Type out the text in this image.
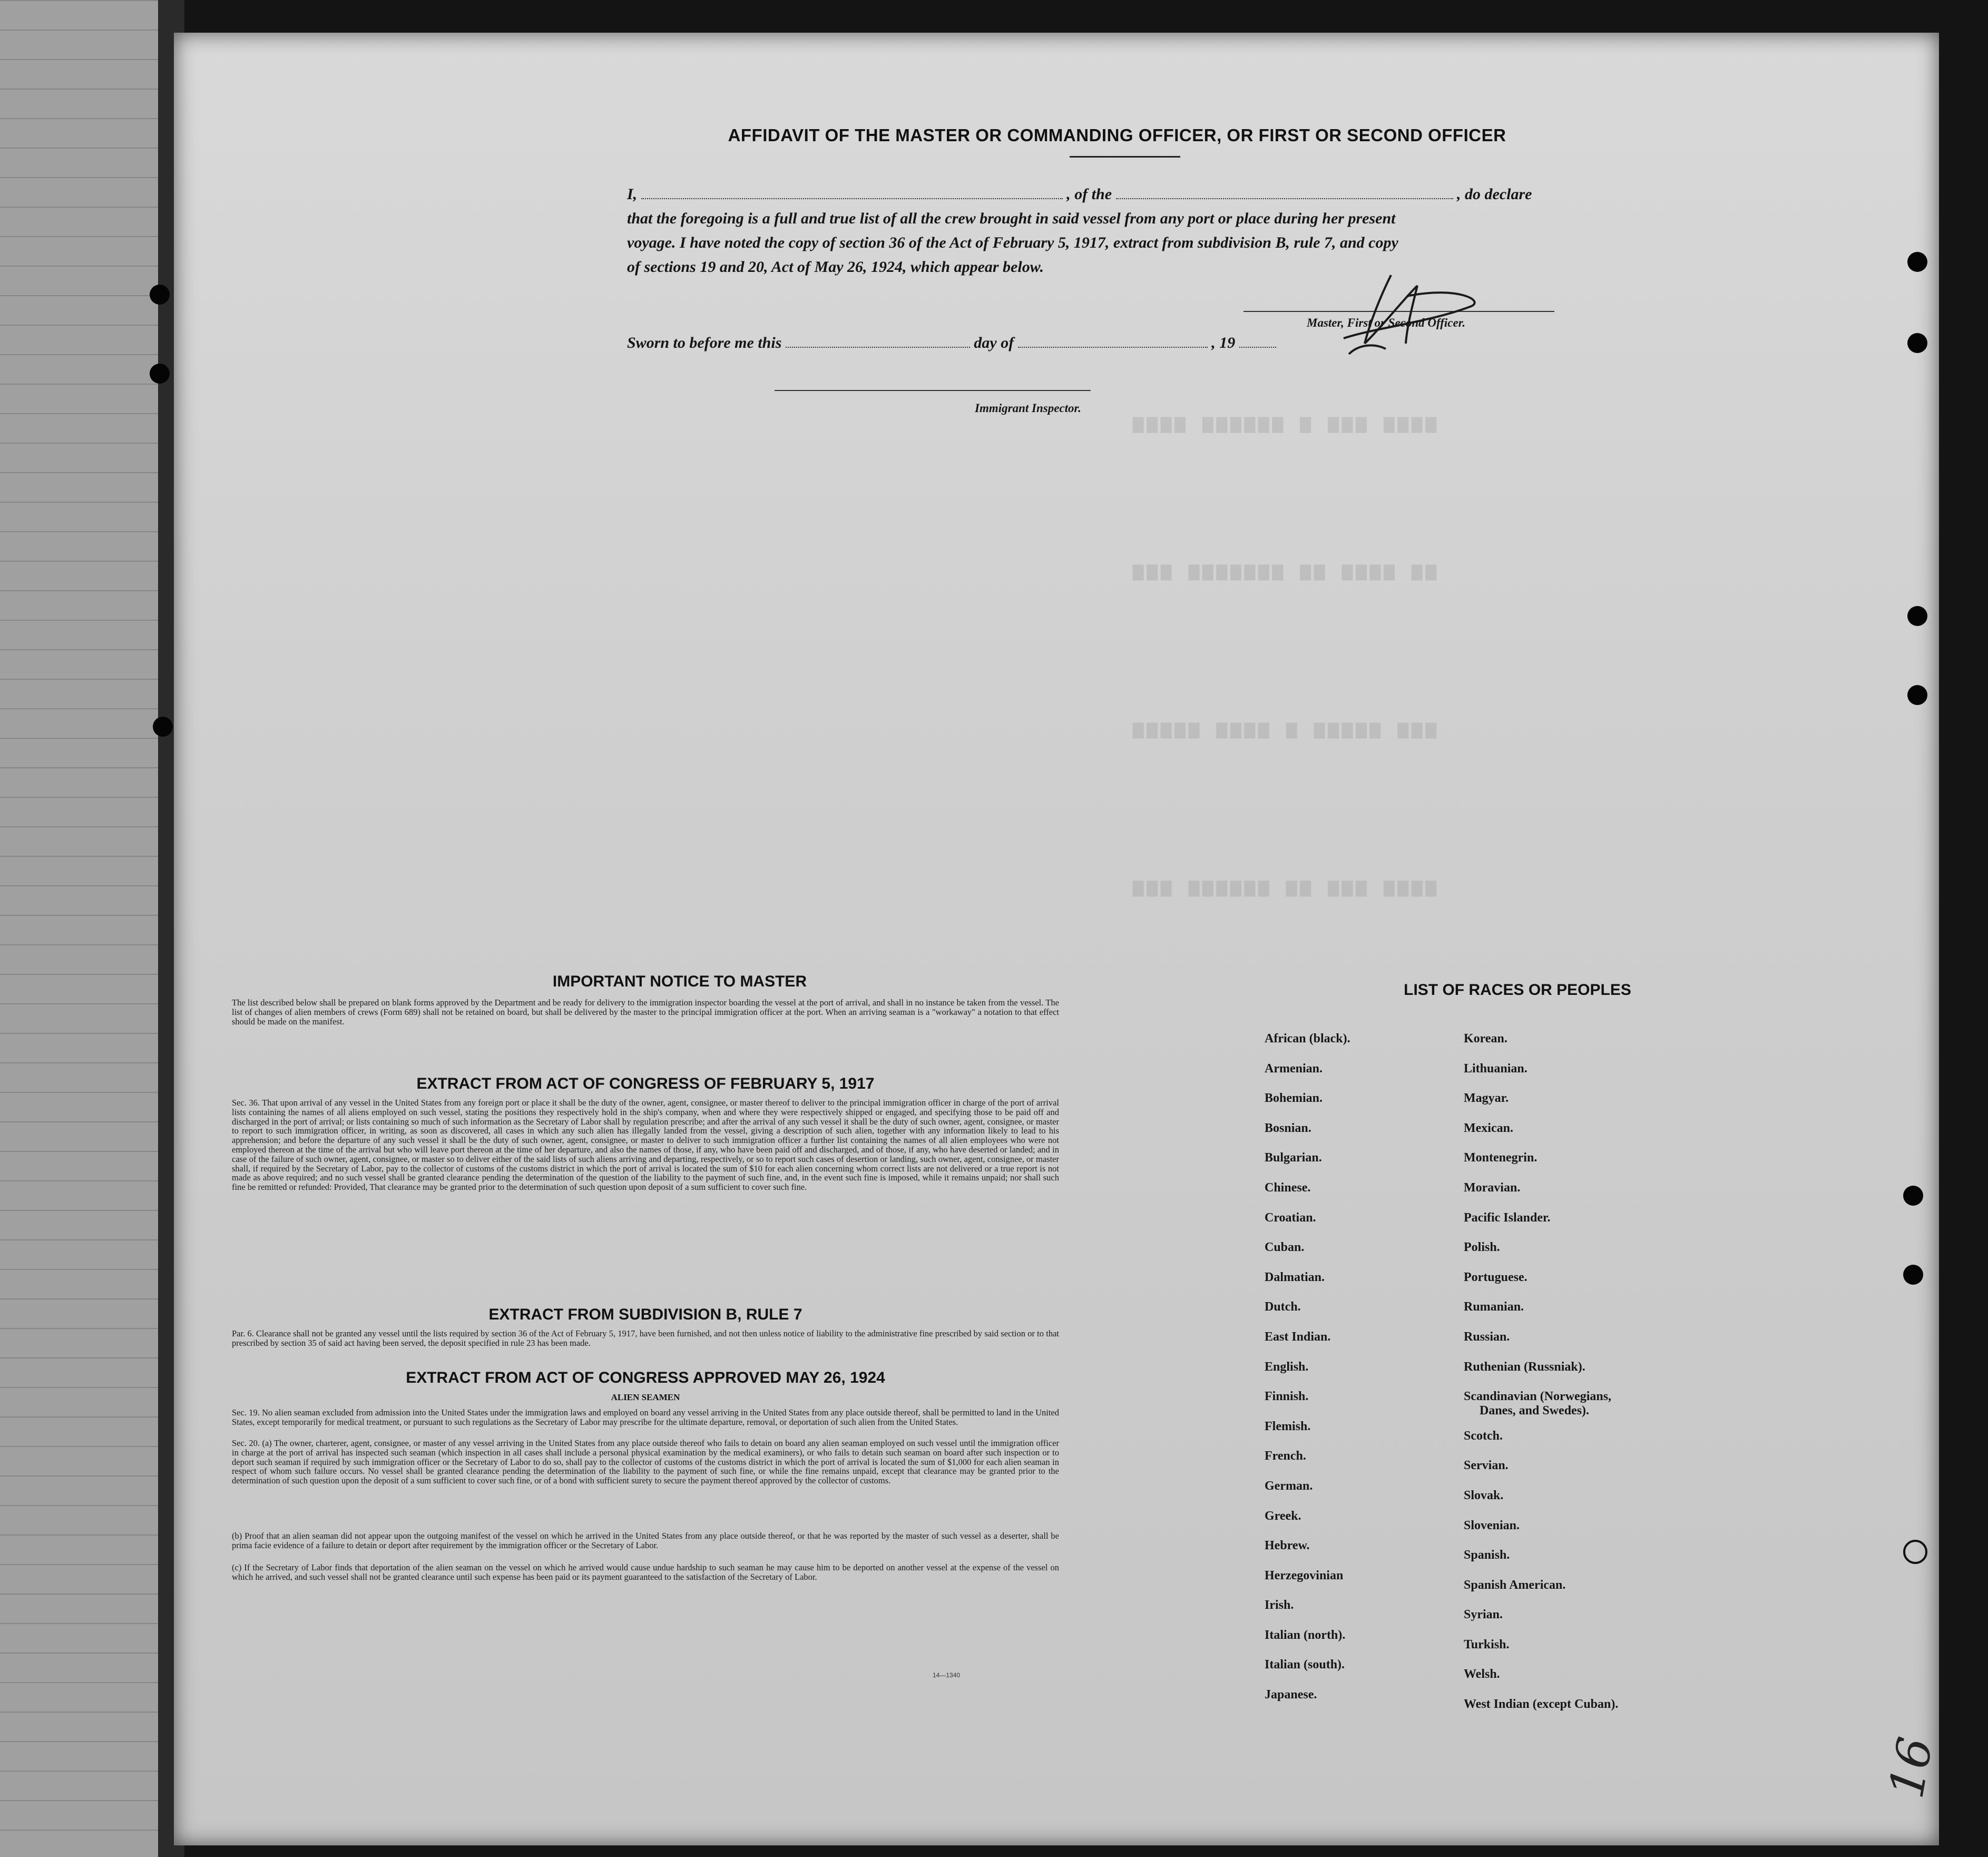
▆▆▆▆ ▆▆▆▆▆▆ ▆ ▆▆▆ ▆▆▆▆
▆▆▆ ▆▆▆▆▆▆▆ ▆▆ ▆▆▆▆ ▆▆
▆▆▆▆▆ ▆▆▆▆ ▆ ▆▆▆▆▆ ▆▆▆
▆▆▆ ▆▆▆▆▆▆ ▆▆ ▆▆▆ ▆▆▆▆
AFFIDAVIT OF THE MASTER OR COMMANDING OFFICER, OR FIRST OR SECOND OFFICER
I,	, of the	, do declare
that the foregoing is a full and true list of all the crew brought in said vessel from any port or place during her present
voyage. I have noted the copy of section 36 of the Act of February 5, 1917, extract from subdivision B, rule 7, and copy
of sections 19 and 20, Act of May 26, 1924, which appear below.
Master, First or Second Officer.
Sworn to before me this	day of	, 19
Immigrant Inspector.
IMPORTANT NOTICE TO MASTER
The list described below shall be prepared on blank forms approved by the Department and be ready for delivery to the immigration inspector boarding the vessel at the port of arrival, and shall in no instance be taken from the vessel. The list of changes of alien members of crews (Form 689) shall not be retained on board, but shall be delivered by the master to the principal immigration officer at the port. When an arriving seaman is a "workaway" a notation to that effect should be made on the manifest.
EXTRACT FROM ACT OF CONGRESS OF FEBRUARY 5, 1917
Sec. 36. That upon arrival of any vessel in the United States from any foreign port or place it shall be the duty of the owner, agent, consignee, or master thereof to deliver to the principal immigration officer in charge of the port of arrival lists containing the names of all aliens employed on such vessel, stating the positions they respectively hold in the ship's company, when and where they were respectively shipped or engaged, and specifying those to be paid off and discharged in the port of arrival; or lists containing so much of such information as the Secretary of Labor shall by regulation prescribe; and after the arrival of any such vessel it shall be the duty of such owner, agent, consignee, or master to report to such immigration officer, in writing, as soon as discovered, all cases in which any such alien has illegally landed from the vessel, giving a description of such alien, together with any information likely to lead to his apprehension; and before the departure of any such vessel it shall be the duty of such owner, agent, consignee, or master to deliver to such immigration officer a further list containing the names of all alien employees who were not employed thereon at the time of the arrival but who will leave port thereon at the time of her departure, and also the names of those, if any, who have been paid off and discharged, and of those, if any, who have deserted or landed; and in case of the failure of such owner, agent, consignee, or master so to deliver either of the said lists of such aliens arriving and departing, respectively, or so to report such cases of desertion or landing, such owner, agent, consignee, or master shall, if required by the Secretary of Labor, pay to the collector of customs of the customs district in which the port of arrival is located the sum of $10 for each alien concerning whom correct lists are not delivered or a true report is not made as above required; and no such vessel shall be granted clearance pending the determination of the question of the liability to the payment of such fine, and, in the event such fine is imposed, while it remains unpaid; nor shall such fine be remitted or refunded: Provided, That clearance may be granted prior to the determination of such question upon deposit of a sum sufficient to cover such fine.
EXTRACT FROM SUBDIVISION B, RULE 7
Par. 6. Clearance shall not be granted any vessel until the lists required by section 36 of the Act of February 5, 1917, have been furnished, and not then unless notice of liability to the administrative fine prescribed by said section or to that prescribed by section 35 of said act having been served, the deposit specified in rule 23 has been made.
EXTRACT FROM ACT OF CONGRESS APPROVED MAY 26, 1924
ALIEN SEAMEN
Sec. 19. No alien seaman excluded from admission into the United States under the immigration laws and employed on board any vessel arriving in the United States from any place outside thereof, shall be permitted to land in the United States, except temporarily for medical treatment, or pursuant to such regulations as the Secretary of Labor may prescribe for the ultimate departure, removal, or deportation of such alien from the United States.
Sec. 20. (a) The owner, charterer, agent, consignee, or master of any vessel arriving in the United States from any place outside thereof who fails to detain on board any alien seaman employed on such vessel until the immigration officer in charge at the port of arrival has inspected such seaman (which inspection in all cases shall include a personal physical examination by the medical examiners), or who fails to detain such seaman on board after such inspection or to deport such seaman if required by such immigration officer or the Secretary of Labor to do so, shall pay to the collector of customs of the customs district in which the port of arrival is located the sum of $1,000 for each alien seaman in respect of whom such failure occurs. No vessel shall be granted clearance pending the determination of the liability to the payment of such fine, or while the fine remains unpaid, except that clearance may be granted prior to the determination of such question upon the deposit of a sum sufficient to cover such fine, or of a bond with sufficient surety to secure the payment thereof approved by the collector of customs.
(b) Proof that an alien seaman did not appear upon the outgoing manifest of the vessel on which he arrived in the United States from any place outside thereof, or that he was reported by the master of such vessel as a deserter, shall be prima facie evidence of a failure to detain or deport after requirement by the immigration officer or the Secretary of Labor.
(c) If the Secretary of Labor finds that deportation of the alien seaman on the vessel on which he arrived would cause undue hardship to such seaman he may cause him to be deported on another vessel at the expense of the vessel on which he arrived, and such vessel shall not be granted clearance until such expense has been paid or its payment guaranteed to the satisfaction of the Secretary of Labor.
14—1340
LIST OF RACES OR PEOPLES
African (black).
Armenian.
Bohemian.
Bosnian.
Bulgarian.
Chinese.
Croatian.
Cuban.
Dalmatian.
Dutch.
East Indian.
English.
Finnish.
Flemish.
French.
German.
Greek.
Hebrew.
Herzegovinian
Irish.
Italian (north).
Italian (south).
Japanese.
Korean.
Lithuanian.
Magyar.
Mexican.
Montenegrin.
Moravian.
Pacific Islander.
Polish.
Portuguese.
Rumanian.
Russian.
Ruthenian (Russniak).
Scandinavian (Norwegians,
Danes, and Swedes).
Scotch.
Servian.
Slovak.
Slovenian.
Spanish.
Spanish American.
Syrian.
Turkish.
Welsh.
West Indian (except Cuban).
16
